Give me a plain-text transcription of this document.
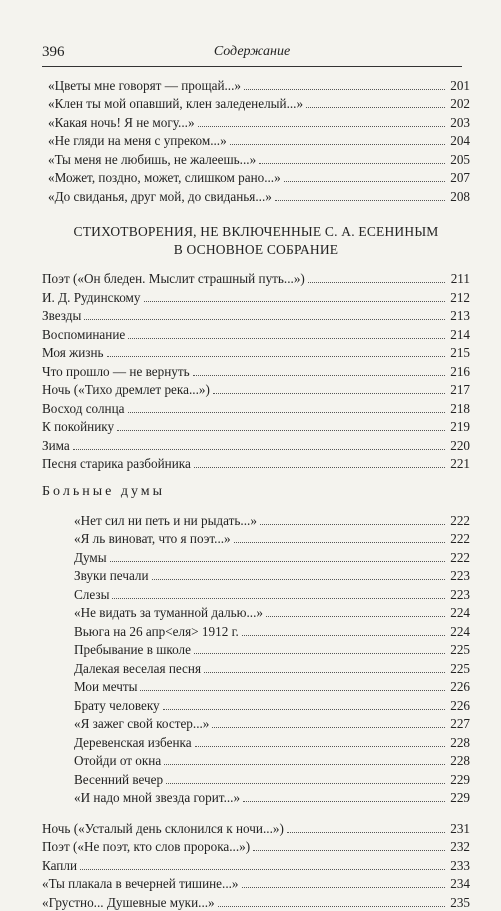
396	Содержание
«Цветы мне говорят — прощай...»	201
«Клен ты мой опавший, клен заледенелый...»	202
«Какая ночь! Я не могу...»	203
«Не гляди на меня с упреком...»	204
«Ты меня не любишь, не жалеешь...»	205
«Может, поздно, может, слишком рано...»	207
«До свиданья, друг мой, до свиданья...»	208
СТИХОТВОРЕНИЯ, НЕ ВКЛЮЧЕННЫЕ С. А. ЕСЕНИНЫМ
В ОСНОВНОЕ СОБРАНИЕ
Поэт («Он бледен. Мыслит страшный путь...»)	211
И. Д. Рудинскому	212
Звезды	213
Воспоминание	214
Моя жизнь	215
Что прошло — не вернуть	216
Ночь («Тихо дремлет река...»)	217
Восход солнца	218
К покойнику	219
Зима	220
Песня старика разбойника	221
Больные думы
«Нет сил ни петь и ни рыдать...»	222
«Я ль виноват, что я поэт...»	222
Думы	222
Звуки печали	223
Слезы	223
«Не видать за туманной далью...»	224
Вьюга на 26 апр<еля> 1912 г.	224
Пребывание в школе	225
Далекая веселая песня	225
Мои мечты	226
Брату человеку	226
«Я зажег свой костер...»	227
Деревенская избенка	228
Отойди от окна	228
Весенний вечер	229
«И надо мной звезда горит...»	229
Ночь («Усталый день склонился к ночи...»)	231
Поэт («Не поэт, кто слов пророка...»)	232
Капли	233
«Ты плакала в вечерней тишине...»	234
«Грустно... Душевные муки...»	235
